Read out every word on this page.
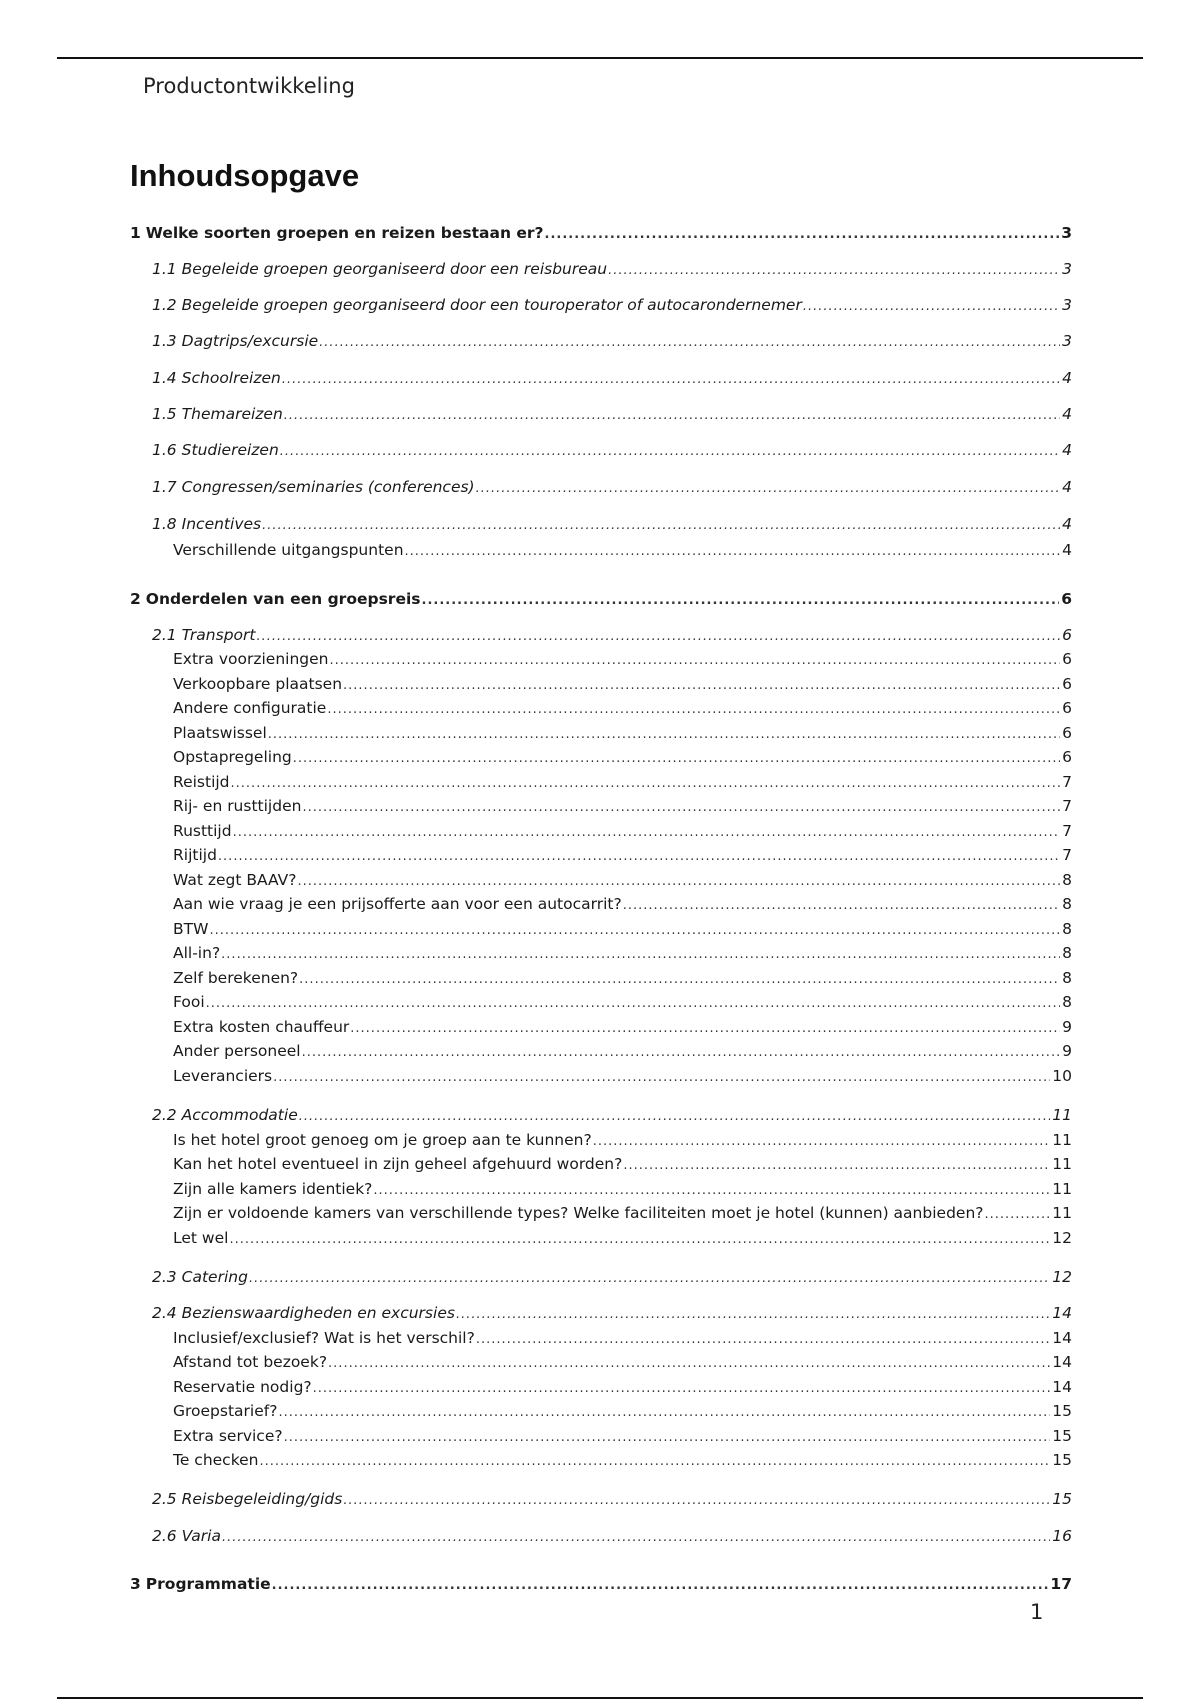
Productontwikkeling
Inhoudsopgave
1 Welke soorten groepen en reizen bestaan er? .....	3
1.1 Begeleide groepen georganiseerd door een reisbureau .....	3
1.2 Begeleide groepen georganiseerd door een touroperator of autocarondernemer .....	3
1.3 Dagtrips/excursie .....	3
1.4 Schoolreizen .....	4
1.5 Themareizen .....	4
1.6 Studiereizen .....	4
1.7 Congressen/seminaries (conferences) .....	4
1.8 Incentives .....	4
Verschillende uitgangspunten .....	4
2 Onderdelen van een groepsreis .....	6
2.1 Transport .....	6
Extra voorzieningen .....	6
Verkoopbare plaatsen .....	6
Andere configuratie .....	6
Plaatswissel .....	6
Opstapregeling .....	6
Reistijd .....	7
Rij- en rusttijden .....	7
Rusttijd .....	7
Rijtijd .....	7
Wat zegt BAAV? .....	8
Aan wie vraag je een prijsofferte aan voor een autocarrit? .....	8
BTW .....	8
All-in? .....	8
Zelf berekenen? .....	8
Fooi .....	8
Extra kosten chauffeur .....	9
Ander personeel .....	9
Leveranciers .....	10
2.2 Accommodatie .....	11
Is het hotel groot genoeg om je groep aan te kunnen? .....	11
Kan het hotel eventueel in zijn geheel afgehuurd worden? .....	11
Zijn alle kamers identiek? .....	11
Zijn er voldoende kamers van verschillende types? Welke faciliteiten moet je hotel (kunnen) aanbieden? .....	11
Let wel .....	12
2.3 Catering .....	12
2.4 Bezienswaardigheden en excursies .....	14
Inclusief/exclusief? Wat is het verschil? .....	14
Afstand tot bezoek? .....	14
Reservatie nodig? .....	14
Groepstarief? .....	15
Extra service? .....	15
Te checken .....	15
2.5 Reisbegeleiding/gids .....	15
2.6 Varia .....	16
3 Programmatie .....	17
1
